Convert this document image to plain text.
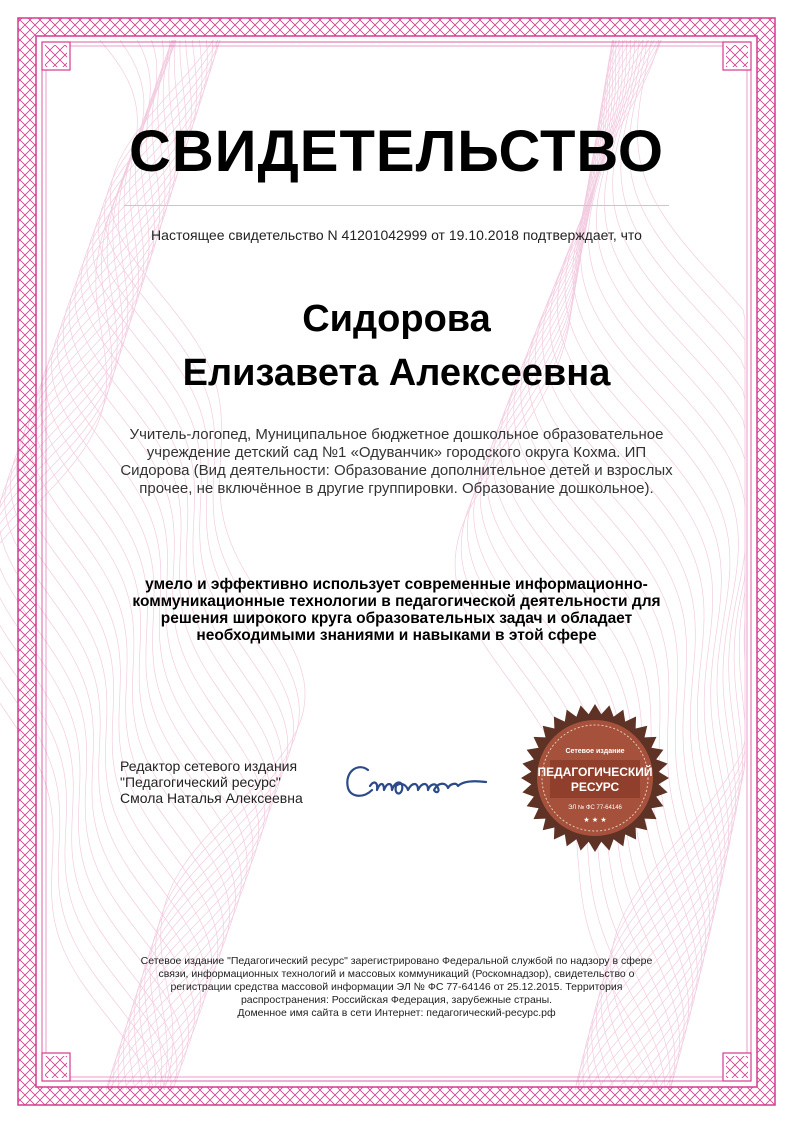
СВИДЕТЕЛЬСТВО
Настоящее свидетельство N 41201042999 от 19.10.2018 подтверждает, что
Сидорова
Елизавета Алексеевна
Учитель-логопед, Муниципальное бюджетное дошкольное образовательное учреждение детский сад №1 «Одуванчик» городского округа Кохма. ИП Сидорова (Вид деятельности: Образование дополнительное детей и взрослых прочее, не включённое в другие группировки. Образование дошкольное).
умело и эффективно использует современные информационно-коммуникационные технологии в педагогической деятельности для решения широкого круга образовательных задач и обладает необходимыми знаниями и навыками в этой сфере
Редактор сетевого издания
"Педагогический ресурс"
Смола Наталья Алексеевна
Сетевое издание
ПЕДАГОГИЧЕСКИЙ
РЕСУРС
ЭЛ № ФС 77-64146
★ ★ ★
Сетевое издание "Педагогический ресурс" зарегистрировано Федеральной службой по надзору в сфере
связи, информационных технологий и массовых коммуникаций (Роскомнадзор), свидетельство о
регистрации средства массовой информации ЭЛ № ФС 77-64146 от 25.12.2015. Территория
распространения: Российская Федерация, зарубежные страны.
Доменное имя сайта в сети Интернет: педагогический-ресурс.рф
